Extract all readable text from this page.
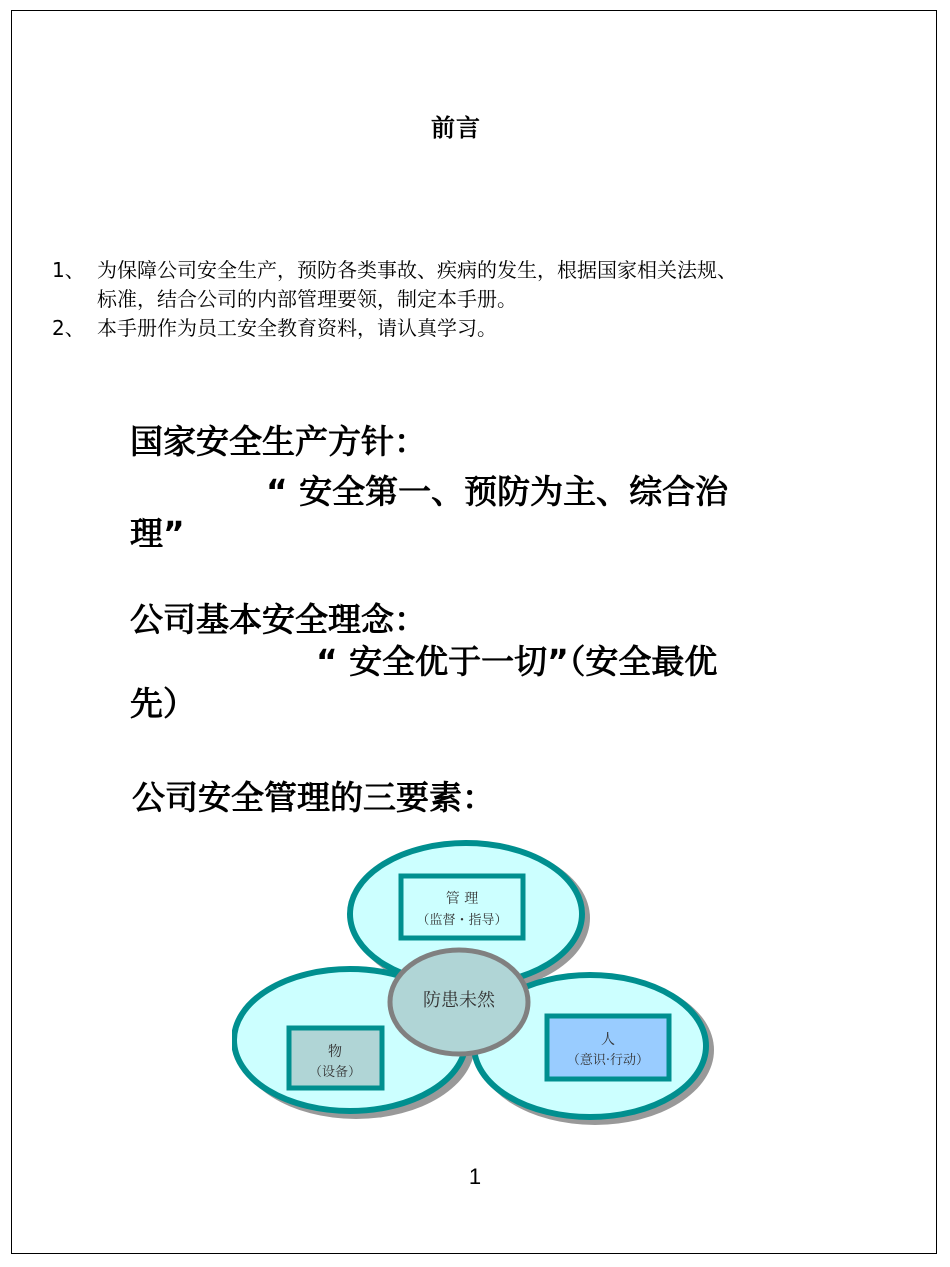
前言
1、 为保障公司安全生产，预防各类事故、疾病的发生，根据国家相关法规、
标准，结合公司的内部管理要领，制定本手册。
2、 本手册作为员工安全教育资料，请认真学习。
国家安全生产方针：
“ 安全第一、预防为主、综合治
理”
公司基本安全理念：
“ 安全优于一切”（安全最优
先）
公司安全管理的三要素：
管 理
（监督・指导）
物
（设备）
人
（意识·行动）
防患未然
1
